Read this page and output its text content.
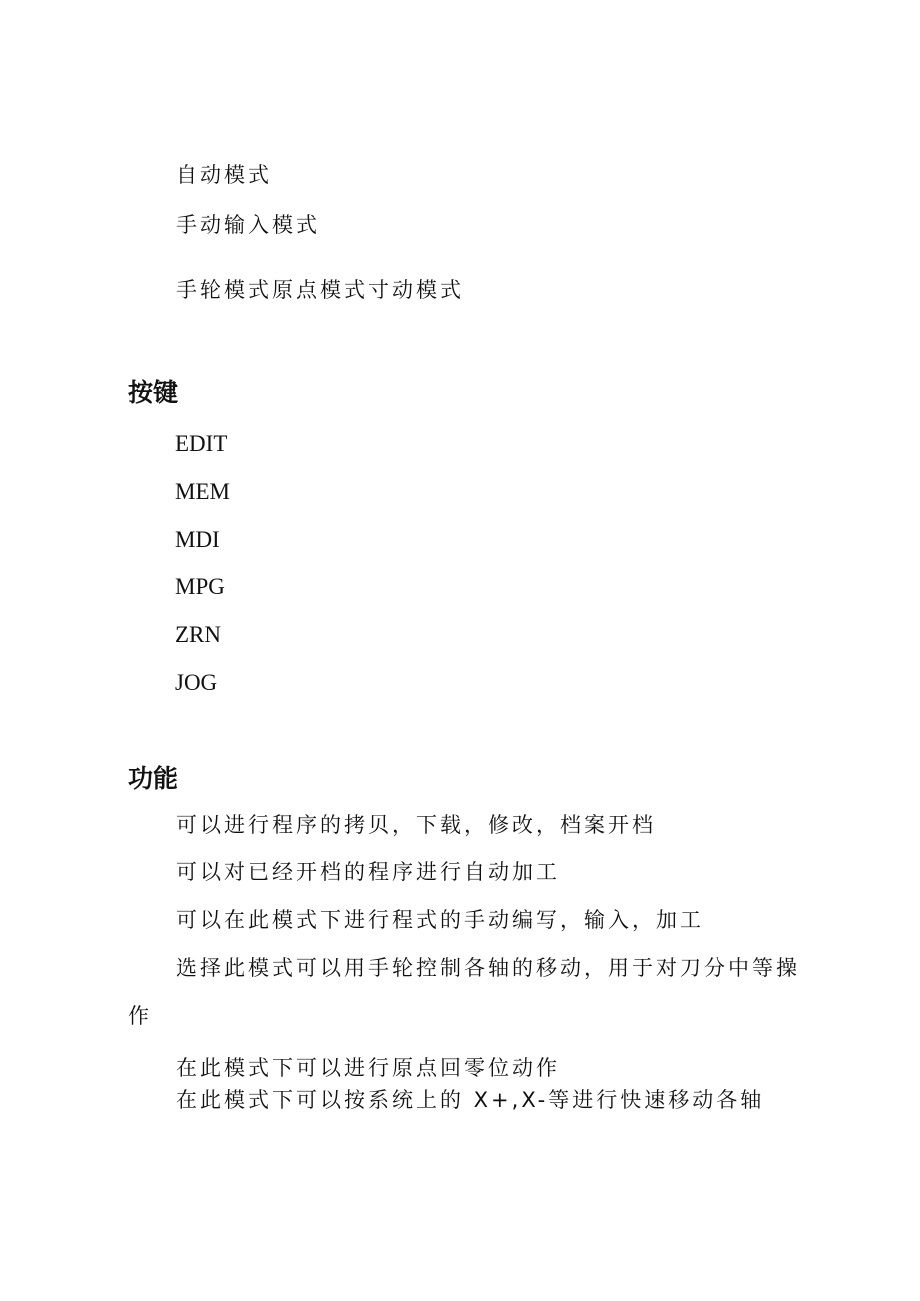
自动模式
手动输入模式
手轮模式原点模式寸动模式
按键
EDIT
MEM
MDI
MPG
ZRN
JOG
功能
可以进行程序的拷贝，下载，修改，档案开档
可以对已经开档的程序进行自动加工
可以在此模式下进行程式的手动编写，输入，加工
选择此模式可以用手轮控制各轴的移动，用于对刀分中等操
作
在此模式下可以进行原点回零位动作
在此模式下可以按系统上的 X+,X-等进行快速移动各轴
